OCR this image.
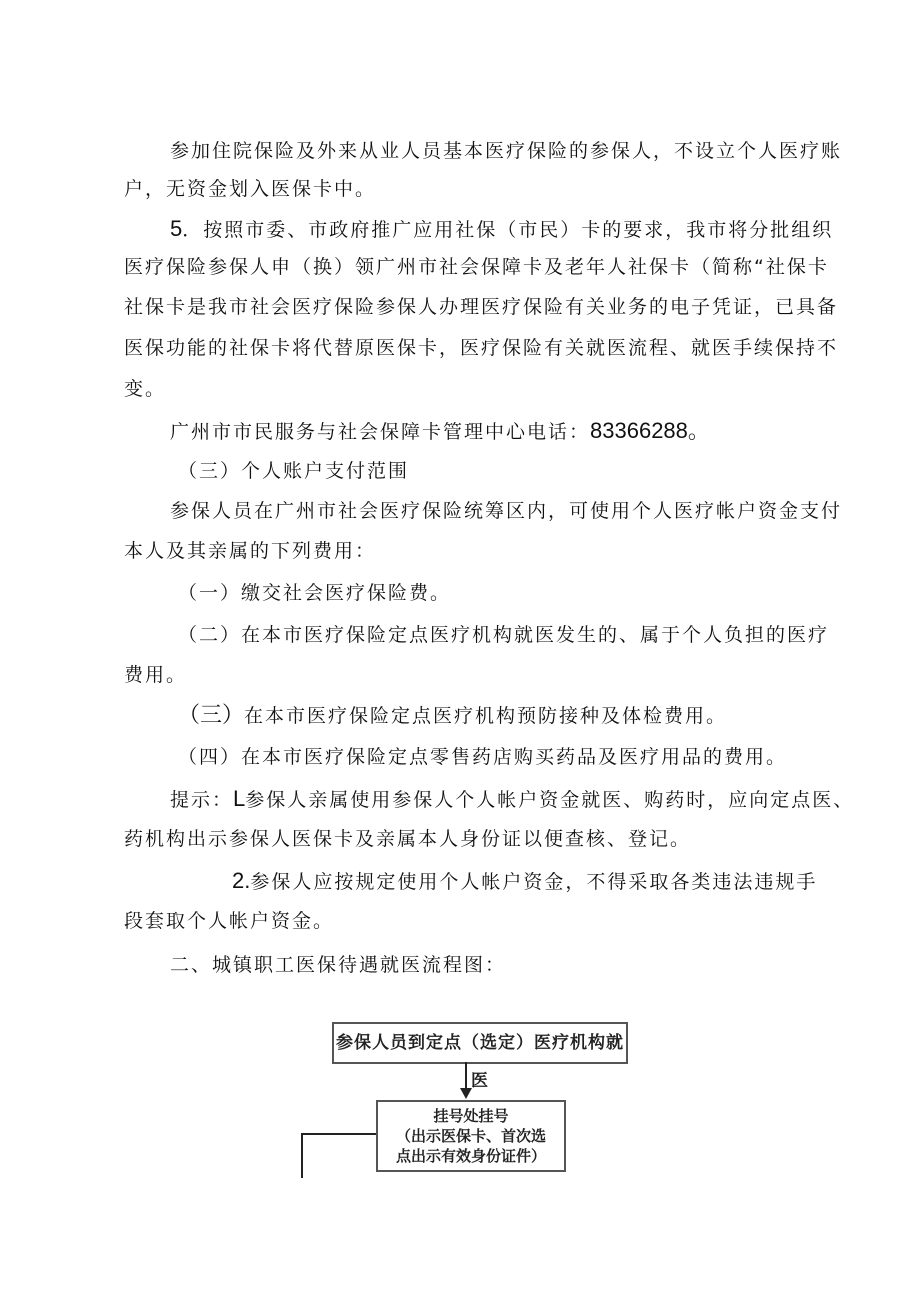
参加住院保险及外来从业人员基本医疗保险的参保人，不设立个人医疗账
户，无资金划入医保卡中。
5．按照市委、市政府推广应用社保（市民）卡的要求，我市将分批组织
医疗保险参保人申（换）领广州市社会保障卡及老年人社保卡（简称“社保卡
社保卡是我市社会医疗保险参保人办理医疗保险有关业务的电子凭证，已具备
医保功能的社保卡将代替原医保卡，医疗保险有关就医流程、就医手续保持不
变。
广州市市民服务与社会保障卡管理中心电话：83366288。
（三）个人账户支付范围
参保人员在广州市社会医疗保险统筹区内，可使用个人医疗帐户资金支付
本人及其亲属的下列费用：
（一）缴交社会医疗保险费。
（二）在本市医疗保险定点医疗机构就医发生的、属于个人负担的医疗
费用。
（三）在本市医疗保险定点医疗机构预防接种及体检费用。
（四）在本市医疗保险定点零售药店购买药品及医疗用品的费用。
提示：L参保人亲属使用参保人个人帐户资金就医、购药时，应向定点医、
药机构出示参保人医保卡及亲属本人身份证以便查核、登记。
2.参保人应按规定使用个人帐户资金，不得采取各类违法违规手
段套取个人帐户资金。
二、城镇职工医保待遇就医流程图：
参保人员到定点（选定）医疗机构就医
挂号处挂号
（出示医保卡、首次选
点出示有效身份证件）
